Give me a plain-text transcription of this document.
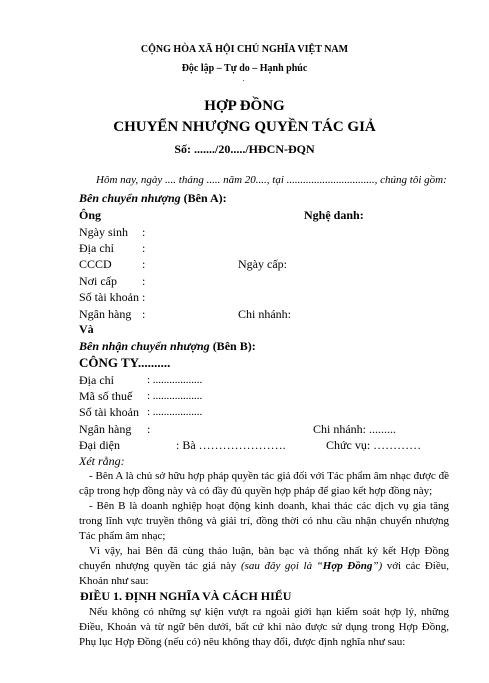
CỘNG HÒA XÃ HỘI CHỦ NGHĨA VIỆT NAM
Độc lập – Tự do – Hạnh phúc
HỢP ĐỒNG
CHUYỂN NHƯỢNG QUYỀN TÁC GIẢ
Số: ......./20...../HĐCN-ĐQN
Hôm nay, ngày .... tháng ..... năm 20...., tại ................................, chúng tôi gồm:
Bên chuyển nhượng (Bên A):
Ông	Nghệ danh:
Ngày sinh :
Địa chỉ :
CCCD	:	Ngày cấp:
Nơi cấp :
Số tài khoản :
Ngân hàng :	Chi nhánh:
Và
Bên nhận chuyển nhượng (Bên B):
CÔNG TY..........
Địa chỉ	: ..................
Mã số thuế : ..................
Số tài khoản : ..................
Ngân hàng :	Chi nhánh: .........
Đại diện	: Bà ………………….	Chức vụ: …………
Xét rằng:
- Bên A là chủ sở hữu hợp pháp quyền tác giả đối với Tác phẩm âm nhạc được đề cập trong hợp đồng này và có đầy đủ quyền hợp pháp để giao kết hợp đồng này;
- Bên B là doanh nghiệp hoạt động kinh doanh, khai thác các dịch vụ gia tăng trong lĩnh vực truyền thông và giải trí, đồng thời có nhu cầu nhận chuyển nhượng Tác phẩm âm nhạc;
Vì vậy, hai Bên đã cùng thảo luận, bàn bạc và thống nhất ký kết Hợp Đồng chuyển nhượng quyền tác giả này (sau đây gọi là “Hợp Đồng”) với các Điều, Khoản như sau:
ĐIỀU 1. ĐỊNH NGHĨA VÀ CÁCH HIỂU
Nếu không có những sự kiện vượt ra ngoài giới hạn kiểm soát hợp lý, những Điều, Khoản và từ ngữ bên dưới, bất cứ khi nào được sử dụng trong Hợp Đồng, Phụ lục Hợp Đồng (nếu có) nêu không thay đổi, được định nghĩa như sau:
